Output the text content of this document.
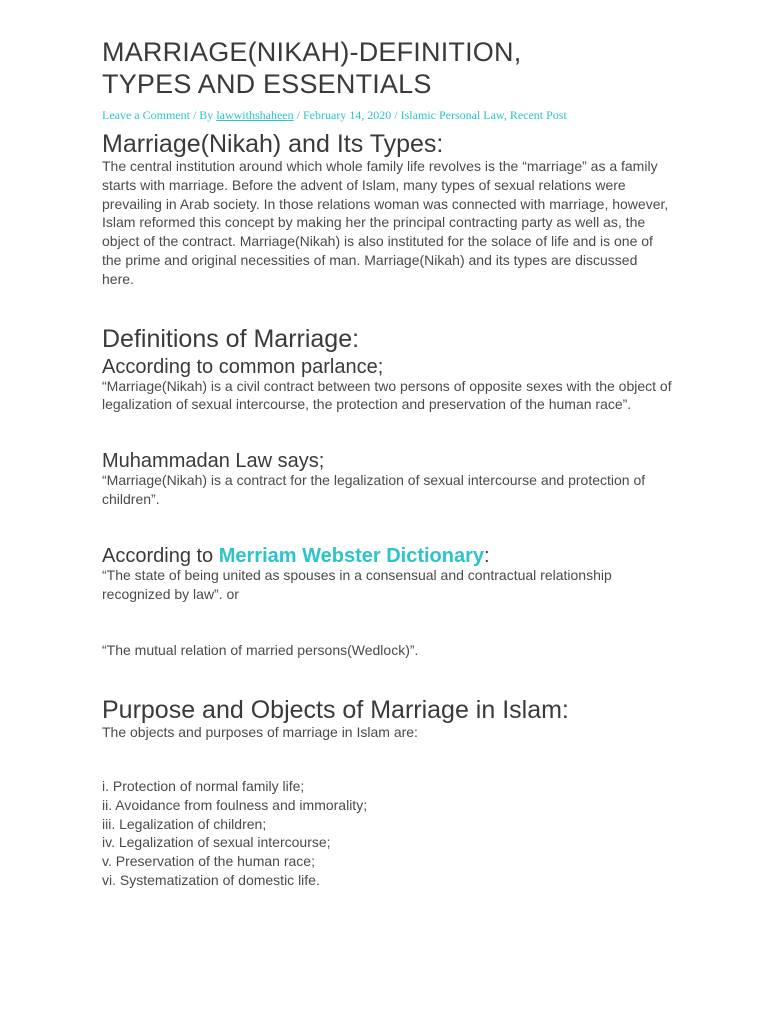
MARRIAGE(NIKAH)-DEFINITION,
TYPES AND ESSENTIALS
Leave a Comment / By lawwithshaheen / February 14, 2020 / Islamic Personal Law, Recent Post
Marriage(Nikah) and Its Types:

The central institution around which whole family life revolves is the “marriage” as a family starts with marriage. Before the advent of Islam, many types of sexual relations were prevailing in Arab society. In those relations woman was connected with marriage, however, Islam reformed this concept by making her the principal contracting party as well as, the object of the contract. Marriage(Nikah) is also instituted for the solace of life and is one of the prime and original necessities of man. Marriage(Nikah) and its types are discussed here.

Definitions of Marriage:
According to common parlance;

“Marriage(Nikah) is a civil contract between two persons of opposite sexes with the object of legalization of sexual intercourse, the protection and preservation of the human race”.

Muhammadan Law says;

“Marriage(Nikah) is a contract for the legalization of sexual intercourse and protection of children”.

According to Merriam Webster Dictionary:

“The state of being united as spouses in a consensual and contractual relationship recognized by law”. or

“The mutual relation of married persons(Wedlock)”.

Purpose and Objects of Marriage in Islam:

The objects and purposes of marriage in Islam are:

i. Protection of normal family life;
ii. Avoidance from foulness and immorality;
iii. Legalization of children;
iv. Legalization of sexual intercourse;
v. Preservation of the human race;
vi. Systematization of domestic life.
